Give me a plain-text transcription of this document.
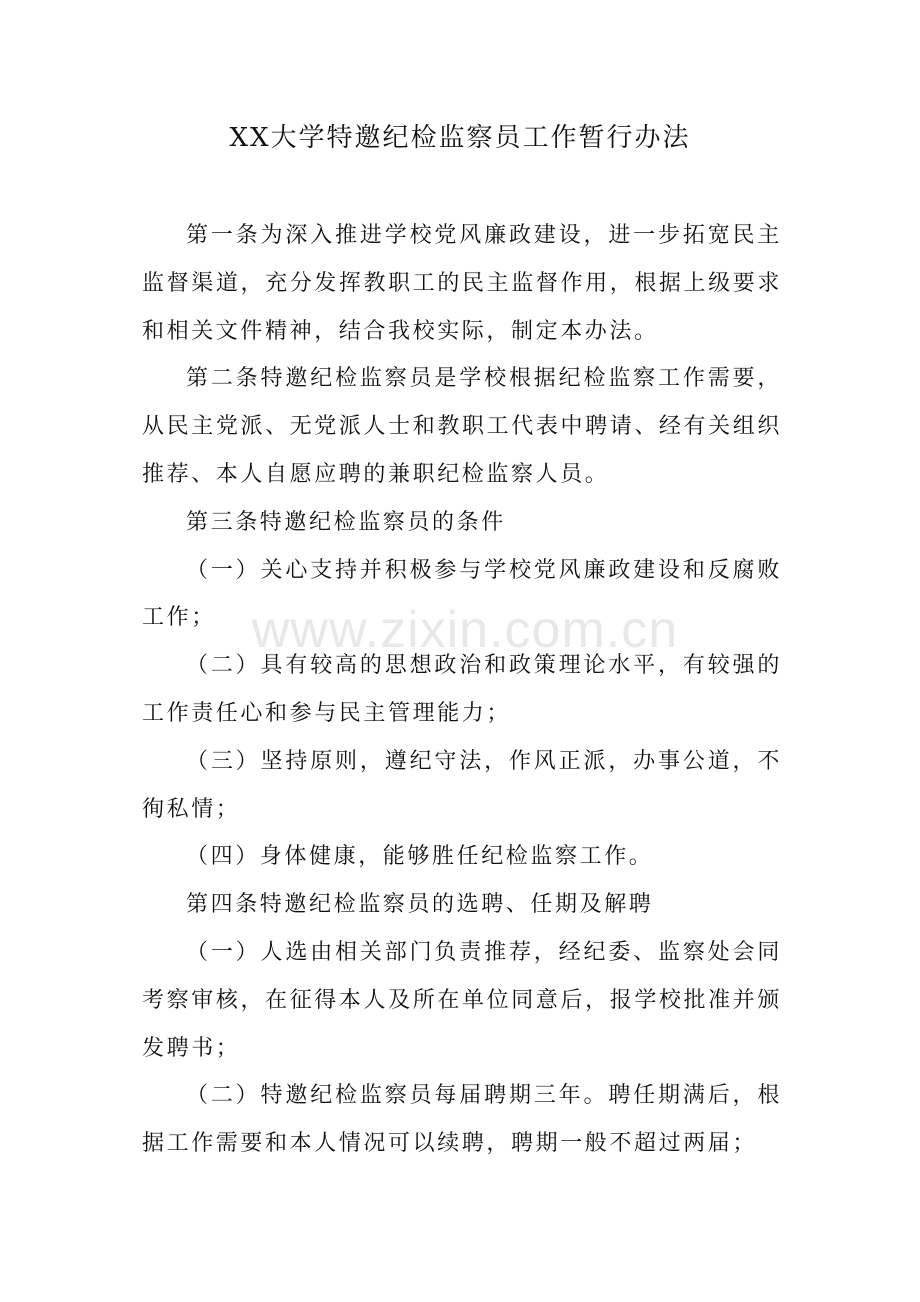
XX大学特邀纪检监察员工作暂行办法

第一条为深入推进学校党风廉政建设，进一步拓宽民主监督渠道，充分发挥教职工的民主监督作用，根据上级要求和相关文件精神，结合我校实际，制定本办法。

第二条特邀纪检监察员是学校根据纪检监察工作需要，从民主党派、无党派人士和教职工代表中聘请、经有关组织推荐、本人自愿应聘的兼职纪检监察人员。

第三条特邀纪检监察员的条件

（一）关心支持并积极参与学校党风廉政建设和反腐败工作；

（二）具有较高的思想政治和政策理论水平，有较强的工作责任心和参与民主管理能力；

（三）坚持原则，遵纪守法，作风正派，办事公道，不徇私情；

（四）身体健康，能够胜任纪检监察工作。

第四条特邀纪检监察员的选聘、任期及解聘

（一）人选由相关部门负责推荐，经纪委、监察处会同考察审核，在征得本人及所在单位同意后，报学校批准并颁发聘书；

（二）特邀纪检监察员每届聘期三年。聘任期满后，根据工作需要和本人情况可以续聘，聘期一般不超过两届；

www.zixin.com.cn
